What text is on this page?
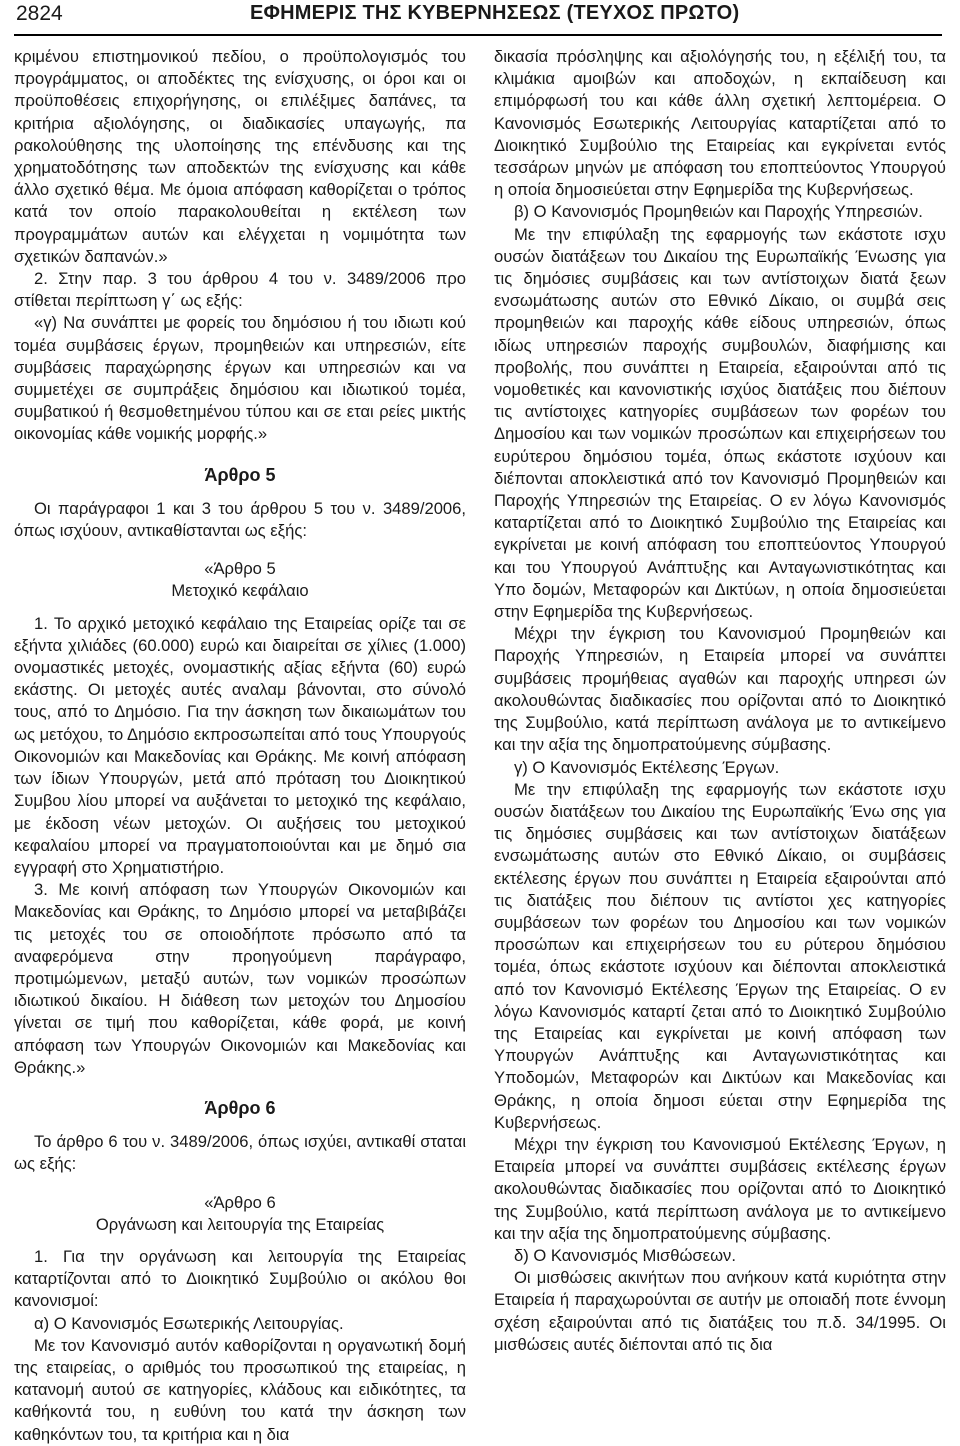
2824	ΕΦΗΜΕΡΙΣ ΤΗΣ ΚΥΒΕΡΝΗΣΕΩΣ (ΤΕΥΧΟΣ ΠΡΩΤΟ)

κριμένου επιστημονικού πεδίου, ο προϋπολογισμός του προγράμματος, οι αποδέκτες της ενίσχυσης, οι όροι και οι προϋποθέσεις επιχορήγησης, οι επιλέξιμες δαπάνες, τα κριτήρια αξιολόγησης, οι διαδικασίες υπαγωγής, πα ρακολούθησης της υλοποίησης της επένδυσης και της χρηματοδότησης των αποδεκτών της ενίσχυσης και κάθε άλλο σχετικό θέμα. Με όμοια απόφαση καθορίζεται ο τρόπος κατά τον οποίο παρακολουθείται η εκτέλεση των προγραμμάτων αυτών και ελέγχεται η νομιμότητα των σχετικών δαπανών.»

2. Στην παρ. 3 του άρθρου 4 του ν. 3489/2006 προ στίθεται περίπτωση γ΄ ως εξής:

«γ) Να συνάπτει με φορείς του δημόσιου ή του ιδιωτι κού τομέα συμβάσεις έργων, προμηθειών και υπηρεσιών, είτε συμβάσεις παραχώρησης έργων και υπηρεσιών και να συμμετέχει σε συμπράξεις δημόσιου και ιδιωτικού τομέα, συμβατικού ή θεσμοθετημένου τύπου και σε εται ρείες μικτής οικονομίας κάθε νομικής μορφής.»

Άρθρο 5

Οι παράγραφοι 1 και 3 του άρθρου 5 του ν. 3489/2006, όπως ισχύουν, αντικαθίστανται ως εξής:

«Άρθρο 5

Μετοχικό κεφάλαιο

1. Το αρχικό μετοχικό κεφάλαιο της Εταιρείας ορίζε ται σε εξήντα χιλιάδες (60.000) ευρώ και διαιρείται σε χίλιες (1.000) ονομαστικές μετοχές, ονομαστικής αξίας εξήντα (60) ευρώ εκάστης. Οι μετοχές αυτές αναλαμ βάνονται, στο σύνολό τους, από το Δημόσιο. Για την άσκηση των δικαιωμάτων του ως μετόχου, το Δημόσιο εκπροσωπείται από τους Υπουργούς Οικονομιών και Μακεδονίας και Θράκης. Με κοινή απόφαση των ίδιων Υπουργών, μετά από πρόταση του Διοικητικού Συμβου λίου μπορεί να αυξάνεται το μετοχικό της κεφάλαιο, με έκδοση νέων μετοχών. Οι αυξήσεις του μετοχικού κεφαλαίου μπορεί να πραγματοποιούνται και με δημό σια εγγραφή στο Χρηματιστήριο.

3. Με κοινή απόφαση των Υπουργών Οικονομιών και Μακεδονίας και Θράκης, το Δημόσιο μπορεί να μεταβιβάζει τις μετοχές του σε οποιοδήποτε πρόσωπο από τα αναφερόμενα στην προηγούμενη παράγραφο, προτιμώμενων, μεταξύ αυτών, των νομικών προσώπων ιδιωτικού δικαίου. Η διάθεση των μετοχών του Δημοσίου γίνεται σε τιμή που καθορίζεται, κάθε φορά, με κοινή απόφαση των Υπουργών Οικονομιών και Μακεδονίας και Θράκης.»

Άρθρο 6

Το άρθρο 6 του ν. 3489/2006, όπως ισχύει, αντικαθί σταται ως εξής:

«Άρθρο 6

Οργάνωση και λειτουργία της Εταιρείας

1. Για την οργάνωση και λειτουργία της Εταιρείας καταρτίζονται από το Διοικητικό Συμβούλιο οι ακόλου θοι κανονισμοί:

α) Ο Κανονισμός Εσωτερικής Λειτουργίας.

Με τον Κανονισμό αυτόν καθορίζονται η οργανωτική δομή της εταιρείας, ο αριθμός του προσωπικού της εταιρείας, η κατανομή αυτού σε κατηγορίες, κλάδους και ειδικότητες, τα καθήκοντά του, η ευθύνη του κατά την άσκηση των καθηκόντων του, τα κριτήρια και η δια

δικασία πρόσληψης και αξιολόγησής του, η εξέλιξή του, τα κλιμάκια αμοιβών και αποδοχών, η εκπαίδευση και επιμόρφωσή του και κάθε άλλη σχετική λεπτομέρεια. Ο Κανονισμός Εσωτερικής Λειτουργίας καταρτίζεται από το Διοικητικό Συμβούλιο της Εταιρείας και εγκρίνεται εντός τεσσάρων μηνών με απόφαση του εποπτεύοντος Υπουργού η οποία δημοσιεύεται στην Εφημερίδα της Κυβερνήσεως.

β) Ο Κανονισμός Προμηθειών και Παροχής Υπηρεσιών.

Με την επιφύλαξη της εφαρμογής των εκάστοτε ισχυ ουσών διατάξεων του Δικαίου της Ευρωπαϊκής Ένωσης για τις δημόσιες συμβάσεις και των αντίστοιχων διατά ξεων ενσωμάτωσης αυτών στο Εθνικό Δίκαιο, οι συμβά σεις προμηθειών και παροχής κάθε είδους υπηρεσιών, όπως ιδίως υπηρεσιών παροχής συμβουλών, διαφήμισης και προβολής, που συνάπτει η Εταιρεία, εξαιρούνται από τις νομοθετικές και κανονιστικής ισχύος διατάξεις που διέπουν τις αντίστοιχες κατηγορίες συμβάσεων των φορέων του Δημοσίου και των νομικών προσώπων και επιχειρήσεων του ευρύτερου δημόσιου τομέα, όπως εκάστοτε ισχύουν και διέπονται αποκλειστικά από τον Κανονισμό Προμηθειών και Παροχής Υπηρεσιών της Εταιρείας. Ο εν λόγω Κανονισμός καταρτίζεται από το Διοικητικό Συμβούλιο της Εταιρείας και εγκρίνεται με κοινή απόφαση του εποπτεύοντος Υπουργού και του Υπουργού Ανάπτυξης και Ανταγωνιστικότητας και Υπο δομών, Μεταφορών και Δικτύων, η οποία δημοσιεύεται στην Εφημερίδα της Κυβερνήσεως.

Μέχρι την έγκριση του Κανονισμού Προμηθειών και Παροχής Υπηρεσιών, η Εταιρεία μπορεί να συνάπτει συμβάσεις προμήθειας αγαθών και παροχής υπηρεσι ών ακολουθώντας διαδικασίες που ορίζονται από το Διοικητικό της Συμβούλιο, κατά περίπτωση ανάλογα με το αντικείμενο και την αξία της δημοπρατούμενης σύμβασης.

γ) Ο Κανονισμός Εκτέλεσης Έργων.

Με την επιφύλαξη της εφαρμογής των εκάστοτε ισχυ ουσών διατάξεων του Δικαίου της Ευρωπαϊκής Ένω σης για τις δημόσιες συμβάσεις και των αντίστοιχων διατάξεων ενσωμάτωσης αυτών στο Εθνικό Δίκαιο, οι συμβάσεις εκτέλεσης έργων που συνάπτει η Εταιρεία εξαιρούνται από τις διατάξεις που διέπουν τις αντίστοι χες κατηγορίες συμβάσεων των φορέων του Δημοσίου και των νομικών προσώπων και επιχειρήσεων του ευ ρύτερου δημόσιου τομέα, όπως εκάστοτε ισχύουν και διέπονται αποκλειστικά από τον Κανονισμό Εκτέλεσης Έργων της Εταιρείας. Ο εν λόγω Κανονισμός καταρτί ζεται από το Διοικητικό Συμβούλιο της Εταιρείας και εγκρίνεται με κοινή απόφαση των Υπουργών Ανάπτυξης και Ανταγωνιστικότητας και Υποδομών, Μεταφορών και Δικτύων και Μακεδονίας και Θράκης, η οποία δημοσι εύεται στην Εφημερίδα της Κυβερνήσεως.

Μέχρι την έγκριση του Κανονισμού Εκτέλεσης Έργων, η Εταιρεία μπορεί να συνάπτει συμβάσεις εκτέλεσης έργων ακολουθώντας διαδικασίες που ορίζονται από το Διοικητικό της Συμβούλιο, κατά περίπτωση ανάλογα με το αντικείμενο και την αξία της δημοπρατούμενης σύμβασης.

δ) Ο Κανονισμός Μισθώσεων.

Οι μισθώσεις ακινήτων που ανήκουν κατά κυριότητα στην Εταιρεία ή παραχωρούνται σε αυτήν με οποιαδή ποτε έννομη σχέση εξαιρούνται από τις διατάξεις του π.δ. 34/1995. Οι μισθώσεις αυτές διέπονται από τις δια
